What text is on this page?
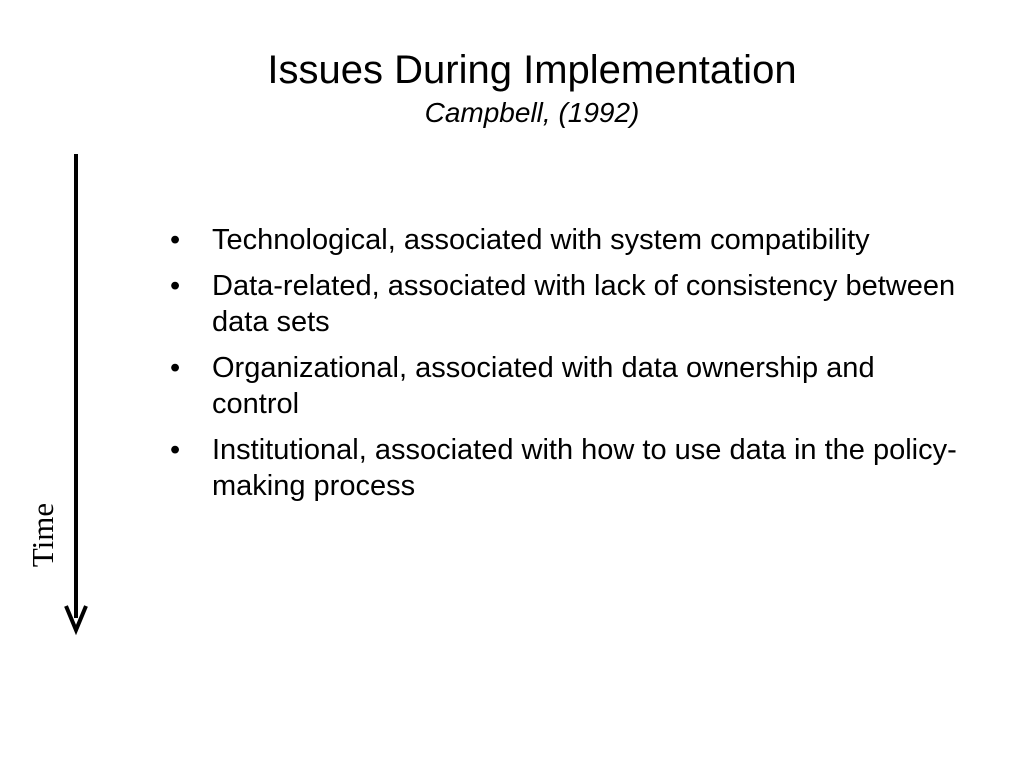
Issues During Implementation

Campbell, (1992)

Time
• Technological, associated with system compatibility
• Data-related, associated with lack of consistency between data sets
• Organizational, associated with data ownership and control
• Institutional, associated with how to use data in the policy-making process
